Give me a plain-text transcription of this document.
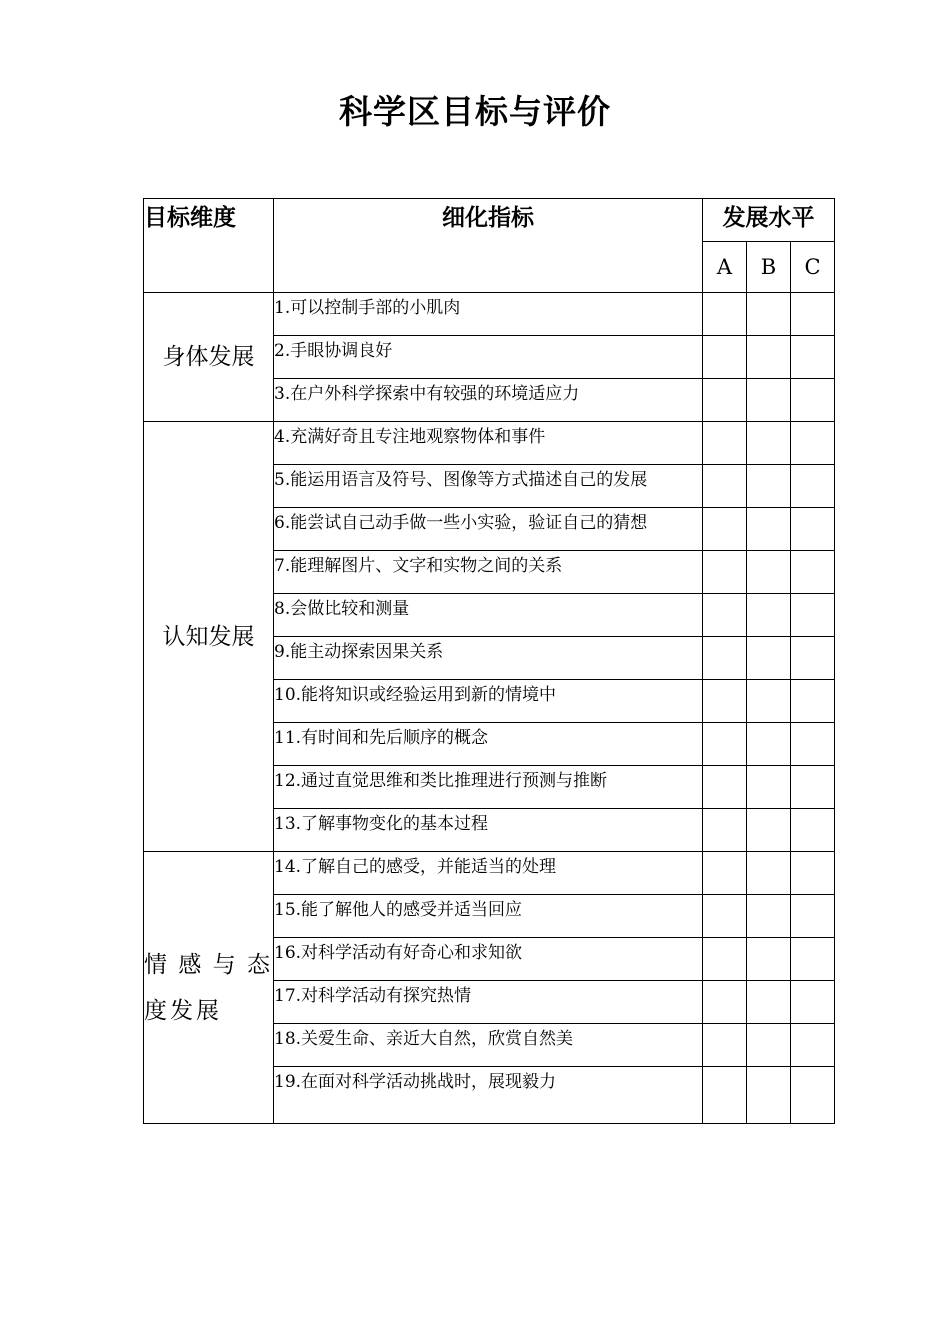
科学区目标与评价
目标维度	细化指标	发展水平		
		A	B	C
身体发展	1.可以控制手部的小肌肉			
	2.手眼协调良好			
	3.在户外科学探索中有较强的环境适应力			
认知发展	4.充满好奇且专注地观察物体和事件			
	5.能运用语言及符号、图像等方式描述自己的发展			
	6.能尝试自己动手做一些小实验，验证自己的猜想			
	7.能理解图片、文字和实物之间的关系			
	8.会做比较和测量			
	9.能主动探索因果关系			
	10.能将知识或经验运用到新的情境中			
	11.有时间和先后顺序的概念			
	12.通过直觉思维和类比推理进行预测与推断			
	13.了解事物变化的基本过程			
情感与态度发展	14.了解自己的感受，并能适当的处理			
	15.能了解他人的感受并适当回应			
	16.对科学活动有好奇心和求知欲			
	17.对科学活动有探究热情			
	18.关爱生命、亲近大自然，欣赏自然美			
	19.在面对科学活动挑战时，展现毅力			
